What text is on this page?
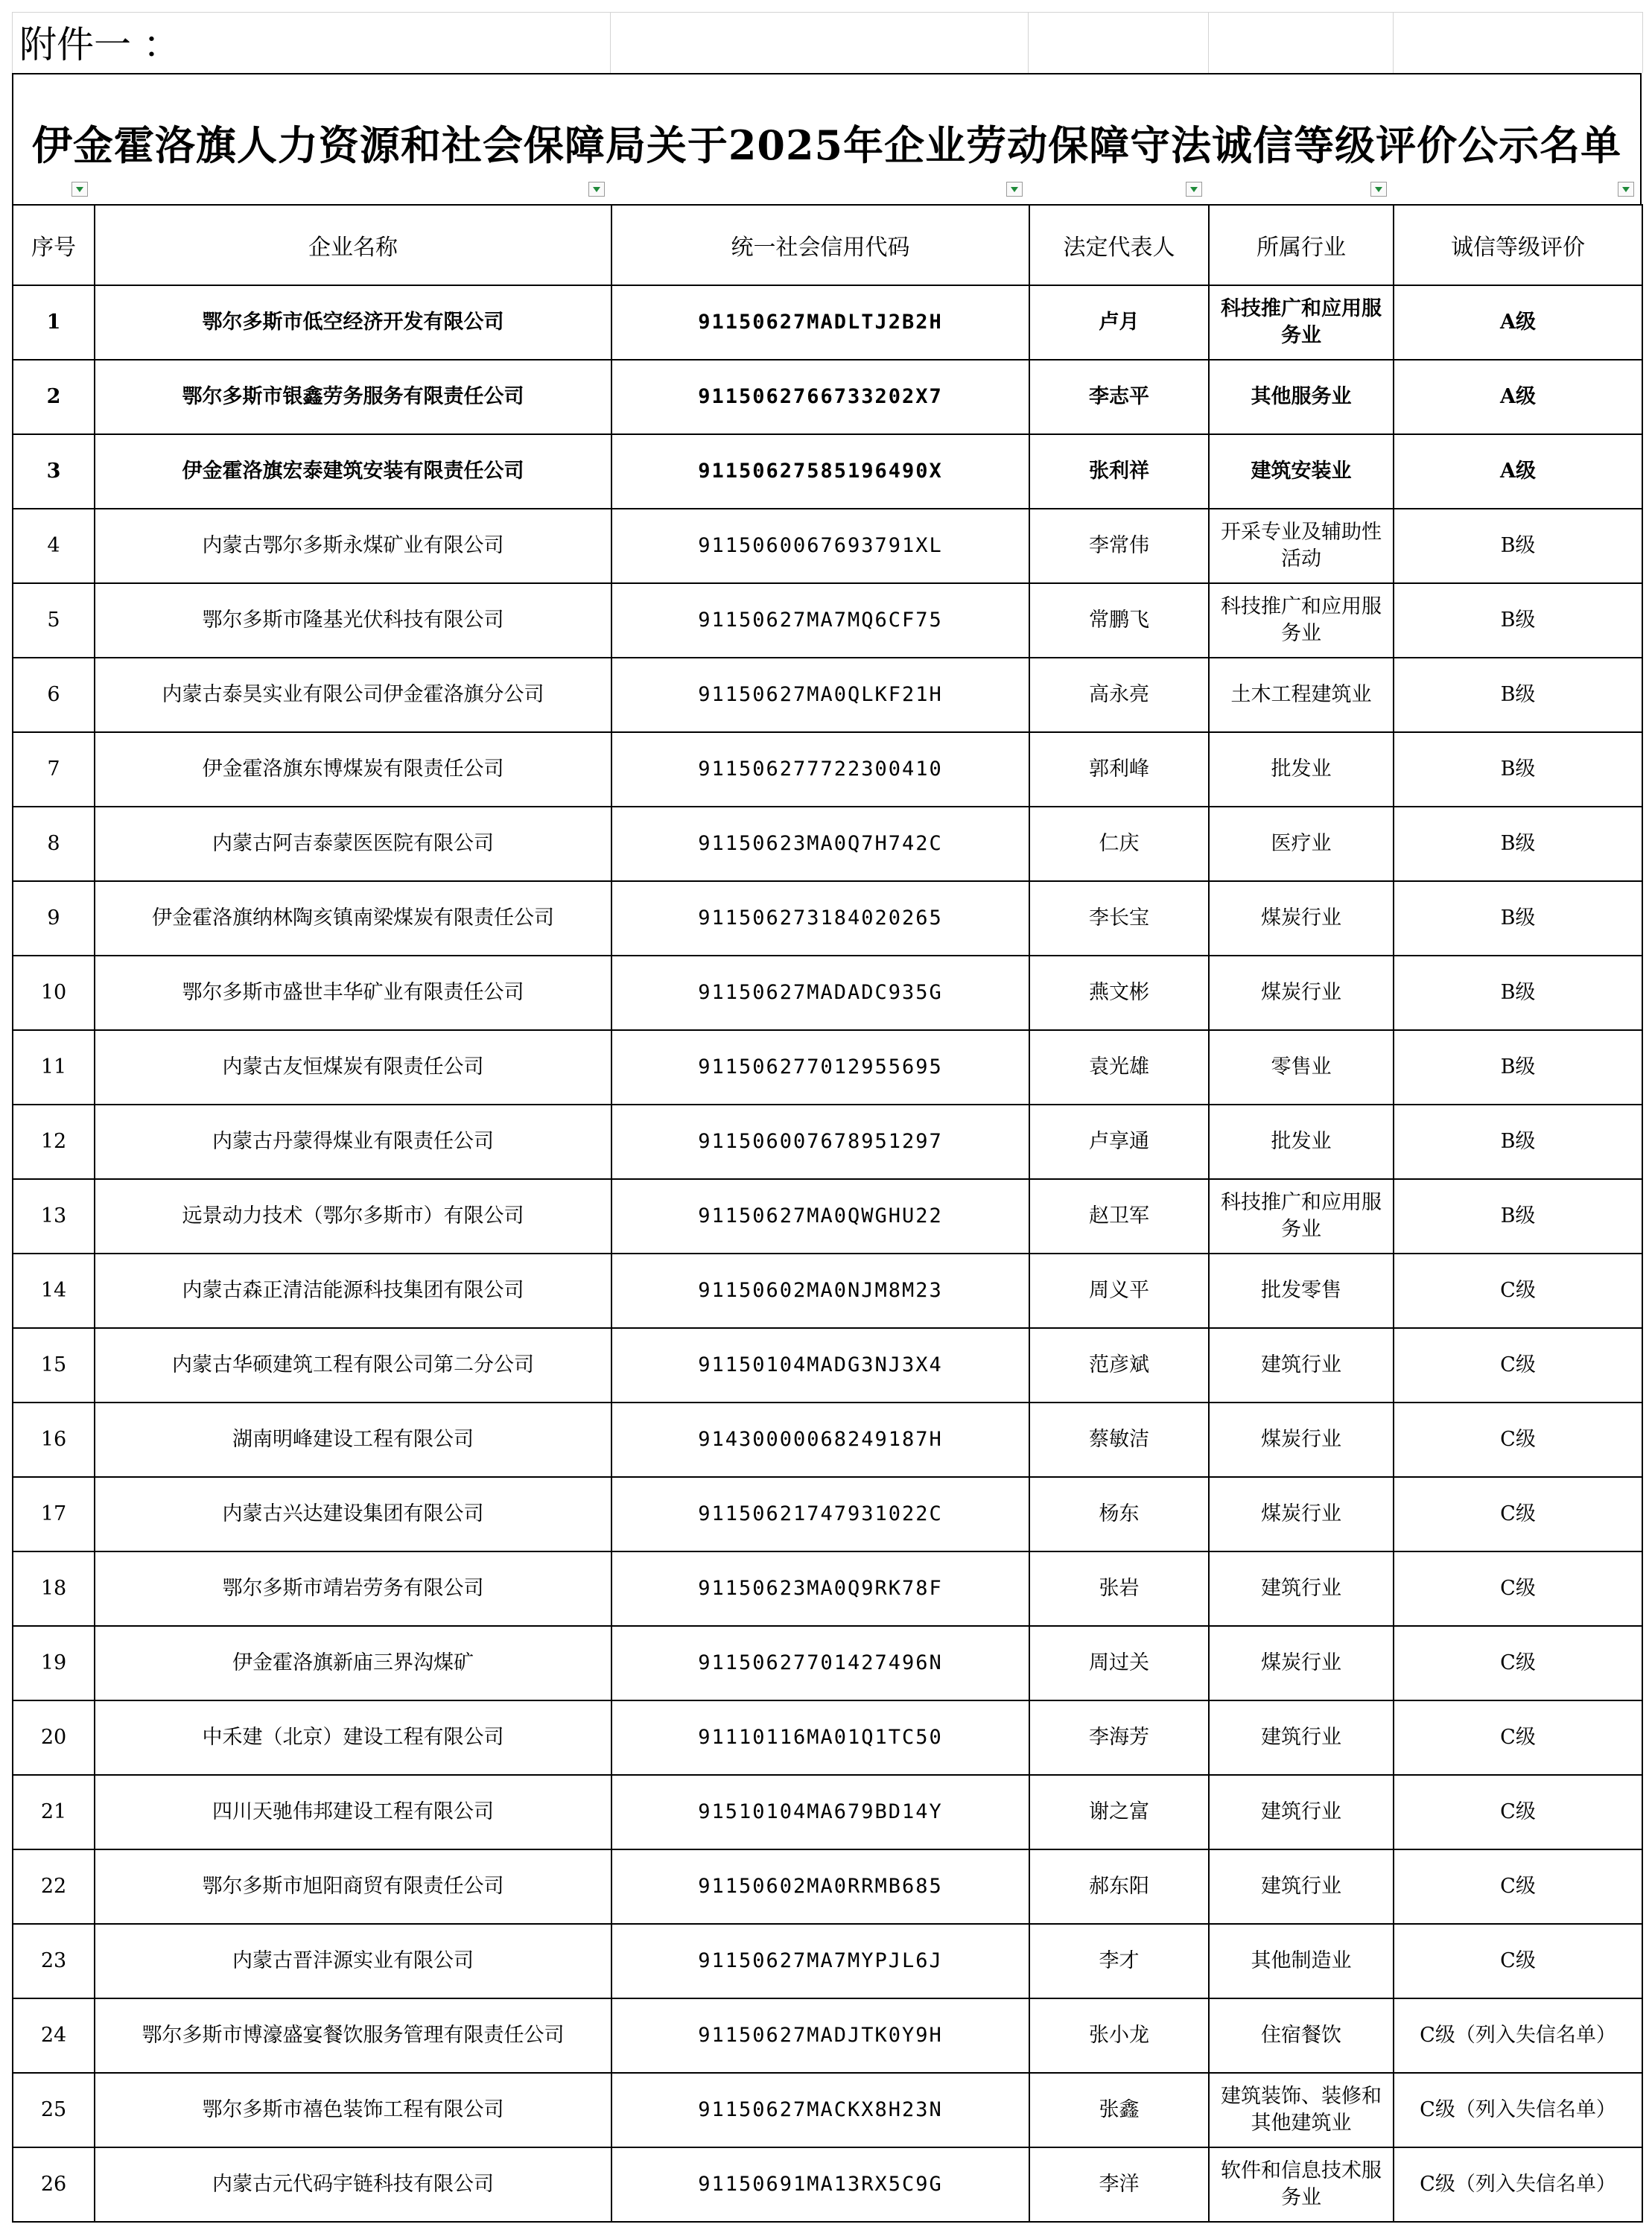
附件一 ：
伊金霍洛旗人力资源和社会保障局关于2025年企业劳动保障守法诚信等级评价公示名单
序号	企业名称	统一社会信用代码	法定代表人	所属行业	诚信等级评价
1	鄂尔多斯市低空经济开发有限公司	91150627MADLTJ2B2H	卢月	科技推广和应用服务业	A级
2	鄂尔多斯市银鑫劳务服务有限责任公司	9115062766733202X7	李志平	其他服务业	A级
3	伊金霍洛旗宏泰建筑安装有限责任公司	91150627585196490X	张利祥	建筑安装业	A级
4	内蒙古鄂尔多斯永煤矿业有限公司	9115060067693791XL	李常伟	开采专业及辅助性活动	B级
5	鄂尔多斯市隆基光伏科技有限公司	91150627MA7MQ6CF75	常鹏飞	科技推广和应用服务业	B级
6	内蒙古泰昊实业有限公司伊金霍洛旗分公司	91150627MA0QLKF21H	高永亮	土木工程建筑业	B级
7	伊金霍洛旗东博煤炭有限责任公司	911506277722300410	郭利峰	批发业	B级
8	内蒙古阿吉泰蒙医医院有限公司	91150623MA0Q7H742C	仁庆	医疗业	B级
9	伊金霍洛旗纳林陶亥镇南梁煤炭有限责任公司	911506273184020265	李长宝	煤炭行业	B级
10	鄂尔多斯市盛世丰华矿业有限责任公司	91150627MADADC935G	燕文彬	煤炭行业	B级
11	内蒙古友恒煤炭有限责任公司	911506277012955695	袁光雄	零售业	B级
12	内蒙古丹蒙得煤业有限责任公司	911506007678951297	卢享通	批发业	B级
13	远景动力技术（鄂尔多斯市）有限公司	91150627MA0QWGHU22	赵卫军	科技推广和应用服务业	B级
14	内蒙古森正清洁能源科技集团有限公司	91150602MA0NJM8M23	周义平	批发零售	C级
15	内蒙古华硕建筑工程有限公司第二分公司	91150104MADG3NJ3X4	范彦斌	建筑行业	C级
16	湖南明峰建设工程有限公司	91430000068249187H	蔡敏洁	煤炭行业	C级
17	内蒙古兴达建设集团有限公司	91150621747931022C	杨东	煤炭行业	C级
18	鄂尔多斯市靖岩劳务有限公司	91150623MA0Q9RK78F	张岩	建筑行业	C级
19	伊金霍洛旗新庙三界沟煤矿	91150627701427496N	周过关	煤炭行业	C级
20	中禾建（北京）建设工程有限公司	91110116MA01Q1TC50	李海芳	建筑行业	C级
21	四川天驰伟邦建设工程有限公司	91510104MA679BD14Y	谢之富	建筑行业	C级
22	鄂尔多斯市旭阳商贸有限责任公司	91150602MA0RRMB685	郝东阳	建筑行业	C级
23	内蒙古晋沣源实业有限公司	91150627MA7MYPJL6J	李才	其他制造业	C级
24	鄂尔多斯市博濠盛宴餐饮服务管理有限责任公司	91150627MADJTK0Y9H	张小龙	住宿餐饮	C级（列入失信名单）
25	鄂尔多斯市禧色装饰工程有限公司	91150627MACKX8H23N	张鑫	建筑装饰、装修和其他建筑业	C级（列入失信名单）
26	内蒙古元代码宇链科技有限公司	91150691MA13RX5C9G	李洋	软件和信息技术服务业	C级（列入失信名单）
